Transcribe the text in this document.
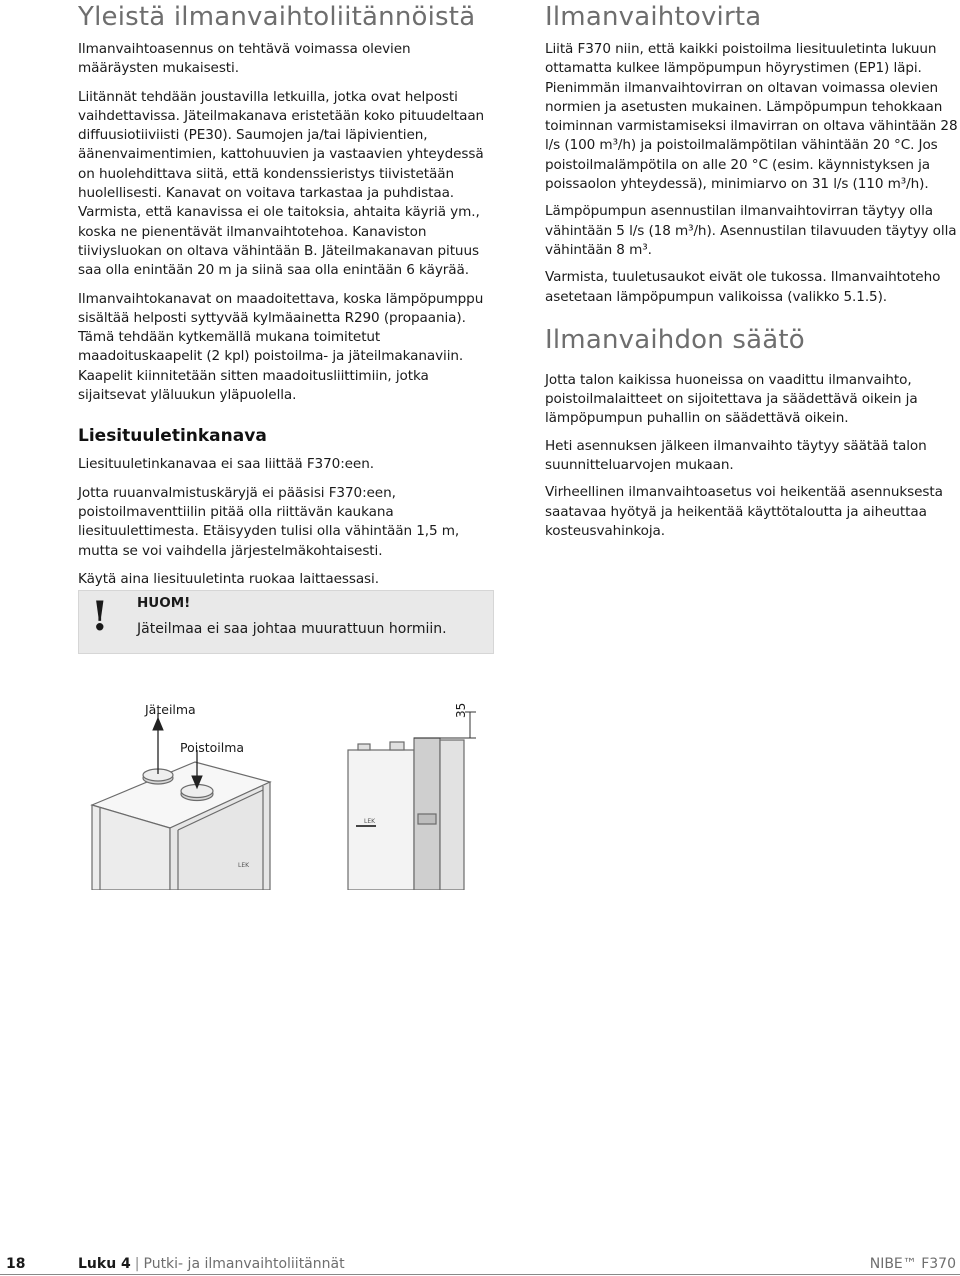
Yleistä ilmanvaihtoliitännöistä

Ilmanvaihtoasennus on tehtävä voimassa olevien määräysten mukaisesti.

Liitännät tehdään joustavilla letkuilla, jotka ovat helposti vaihdettavissa. Jäteilmakanava eristetään koko pituudeltaan diffuusiotiiviisti (PE30). Saumojen ja/tai läpivientien, äänenvaimentimien, kattohuuvien ja vastaavien yhteydessä on huolehdittava siitä, että kondenssieristys tiivistetään huolellisesti. Kanavat on voitava tarkastaa ja puhdistaa. Varmista, että kanavissa ei ole taitoksia, ahtaita käyriä ym., koska ne pienentävät ilmanvaihtotehoa. Kanaviston tiiviysluokan on oltava vähintään B. Jäteilmakanavan pituus saa olla enintään 20 m ja siinä saa olla enintään 6 käyrää.

Ilmanvaihtokanavat on maadoitettava, koska lämpöpumppu sisältää helposti syttyvää kylmäainetta R290 (propaania). Tämä tehdään kytkemällä mukana toimitetut maadoituskaapelit (2 kpl) poistoilma- ja jäteilmakanaviin. Kaapelit kiinnitetään sitten maadoitusliittimiin, jotka sijaitsevat yläluukun yläpuolella.

Liesituuletinkanava

Liesituuletinkanavaa ei saa liittää F370:een.

Jotta ruuanvalmistuskäryjä ei pääsisi F370:een, poistoilmaventtiilin pitää olla riittävän kaukana liesituulettimesta. Etäisyyden tulisi olla vähintään 1,5 m, mutta se voi vaihdella järjestelmäkohtaisesti.

Käytä aina liesituuletinta ruokaa laittaessasi.

! HUOM!
Jäteilmaa ei saa johtaa muurattuun hormiin.
Ilmanvaihtovirta

Liitä F370 niin, että kaikki poistoilma liesituuletinta lukuun ottamatta kulkee lämpöpumpun höyrystimen (EP1) läpi. Pienimmän ilmanvaihtovirran on oltavan voimassa olevien normien ja asetusten mukainen. Lämpöpumpun tehokkaan toiminnan varmistamiseksi ilmavirran on oltava vähintään 28 l/s (100 m³/h) ja poistoilmalämpötilan vähintään 20 °C. Jos poistoilmalämpötila on alle 20 °C (esim. käynnistyksen ja poissaolon yhteydessä), minimiarvo on 31 l/s (110 m³/h).

Lämpöpumpun asennustilan ilmanvaihtovirran täytyy olla vähintään 5 l/s (18 m³/h). Asennustilan tilavuuden täytyy olla vähintään 8 m³.

Varmista, tuuletusaukot eivät ole tukossa. Ilmanvaihtoteho asetetaan lämpöpumpun valikoissa (valikko 5.1.5).

Ilmanvaihdon säätö

Jotta talon kaikissa huoneissa on vaadittu ilmanvaihto, poistoilmalaitteet on sijoitettava ja säädettävä oikein ja lämpöpumpun puhallin on säädettävä oikein.

Heti asennuksen jälkeen ilmanvaihto täytyy säätää talon suunnitteluarvojen mukaan.

Virheellinen ilmanvaihtoasetus voi heikentää asennuksesta saatavaa hyötyä ja heikentää käyttötaloutta ja aiheuttaa kosteusvahinkoja.

Jäteilma
Poistoilma
35
LEK
LEK
18	Luku 4 | Putki- ja ilmanvaihtoliitännät	NIBE™ F370
